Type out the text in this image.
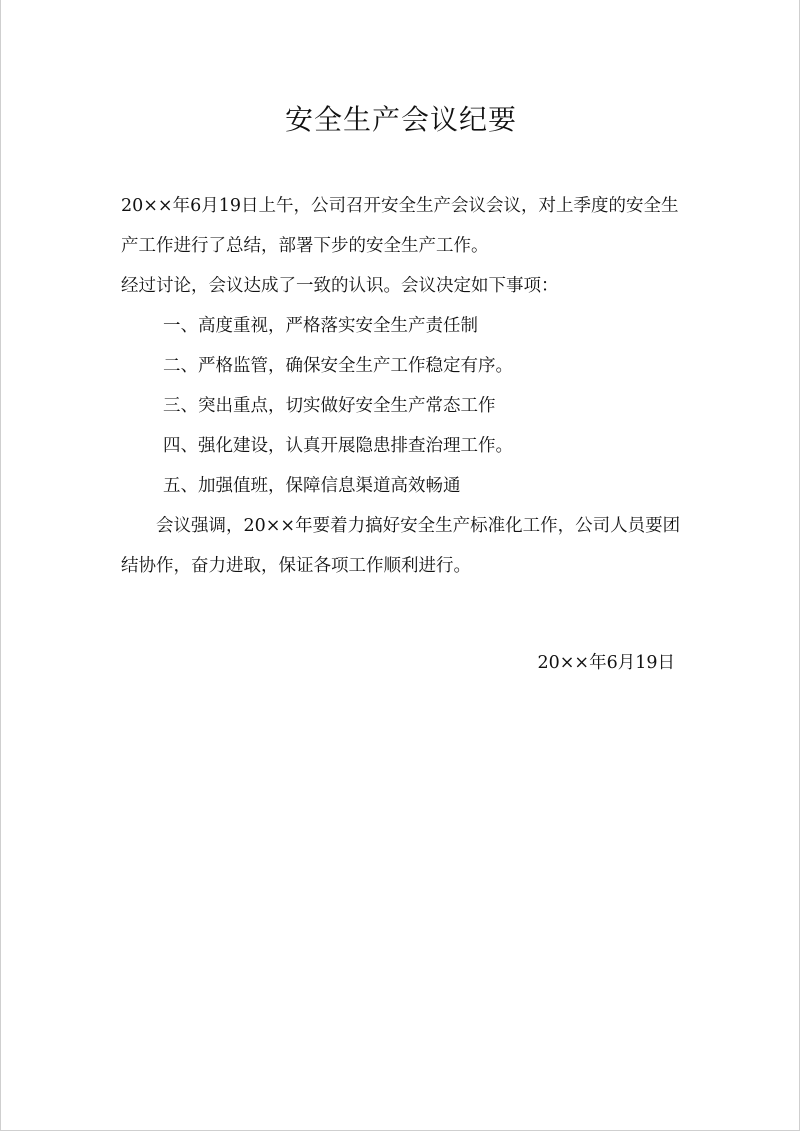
安全生产会议纪要

20××年6月19日上午，公司召开安全生产会议会议，对上季度的安全生产工作进行了总结，部署下步的安全生产工作。

经过讨论，会议达成了一致的认识。会议决定如下事项：

一、高度重视，严格落实安全生产责任制

二、严格监管，确保安全生产工作稳定有序。

三、突出重点，切实做好安全生产常态工作

四、强化建设，认真开展隐患排查治理工作。

五、加强值班，保障信息渠道高效畅通

会议强调，20××年要着力搞好安全生产标准化工作，公司人员要团结协作，奋力进取，保证各项工作顺利进行。

20××年6月19日
